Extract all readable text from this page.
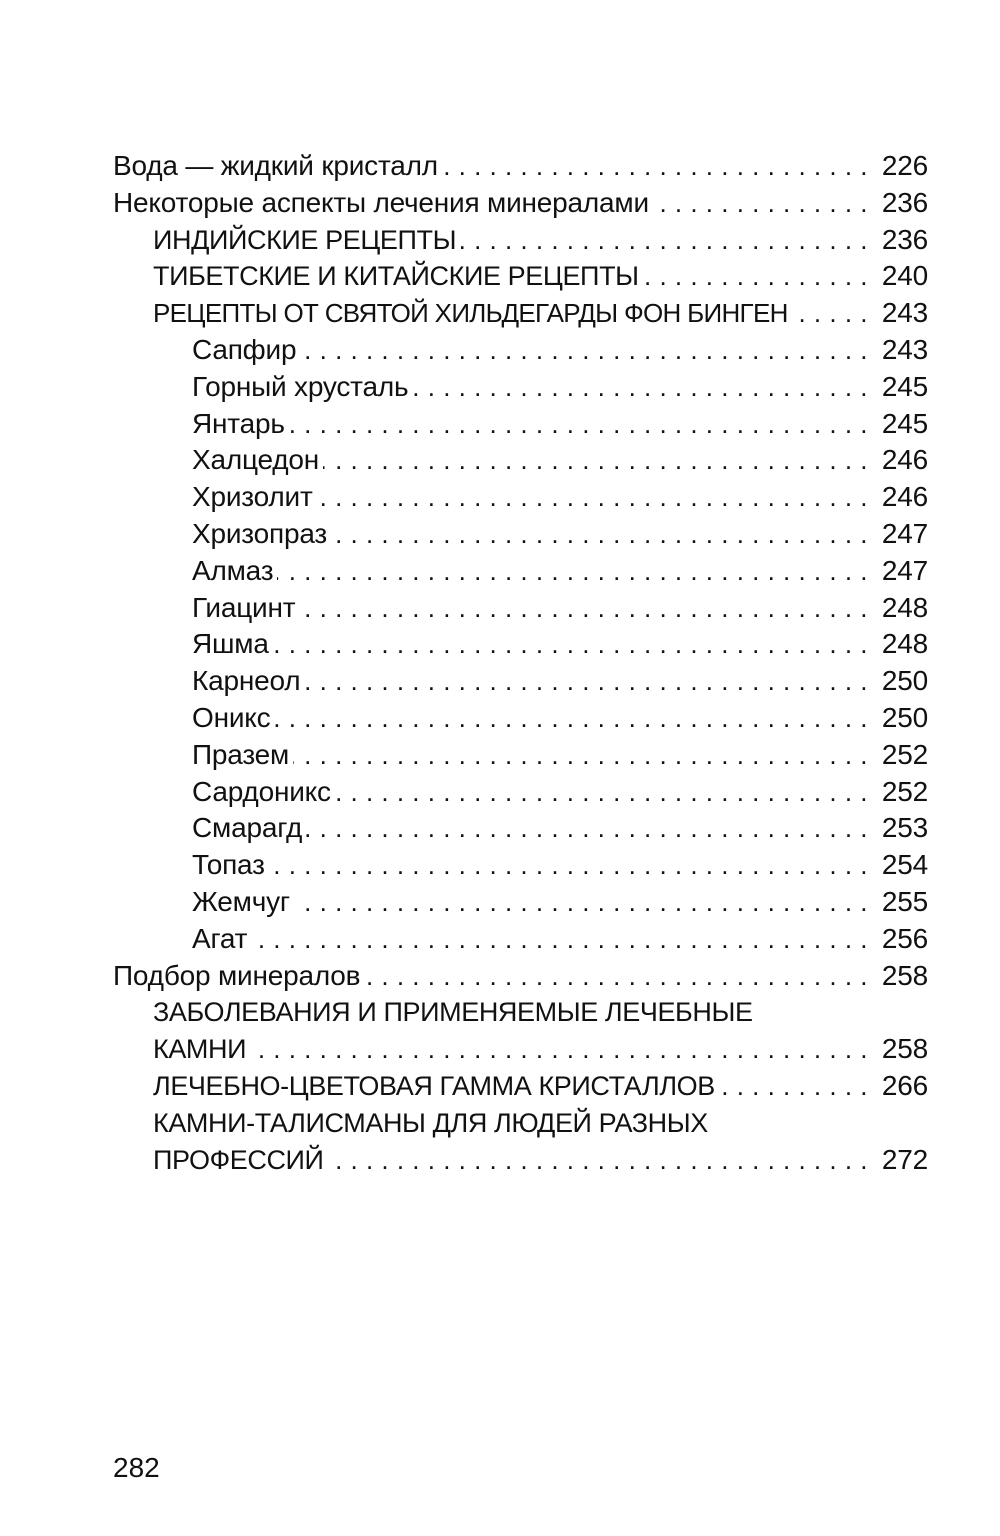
Вода — жидкий кристалл . . .	226
Некоторые аспекты лечения минералами . . .	236
ИНДИЙСКИЕ РЕЦЕПТЫ . . .	236
ТИБЕТСКИЕ И КИТАЙСКИЕ РЕЦЕПТЫ . . .	240
РЕЦЕПТЫ ОТ СВЯТОЙ ХИЛЬДЕГАРДЫ ФОН БИНГЕН . . .	243
Сапфир . . .	243
Горный хрусталь . . .	245
Янтарь . . .	245
Халцедон . . .	246
Хризолит . . .	246
Хризопраз . . .	247
Алмаз . . .	247
Гиацинт . . .	248
Яшма . . .	248
Карнеол . . .	250
Оникс . . .	250
Празем . . .	252
Сардоникс . . .	252
Смарагд . . .	253
Топаз . . .	254
Жемчуг . . .	255
Агат . . .	256
Подбор минералов . . .	258
ЗАБОЛЕВАНИЯ И ПРИМЕНЯЕМЫЕ ЛЕЧЕБНЫЕ
КАМНИ . . .	258
ЛЕЧЕБНО-ЦВЕТОВАЯ ГАММА КРИСТАЛЛОВ . . .	266
КАМНИ-ТАЛИСМАНЫ ДЛЯ ЛЮДЕЙ РАЗНЫХ
ПРОФЕССИЙ . . .	272
282
